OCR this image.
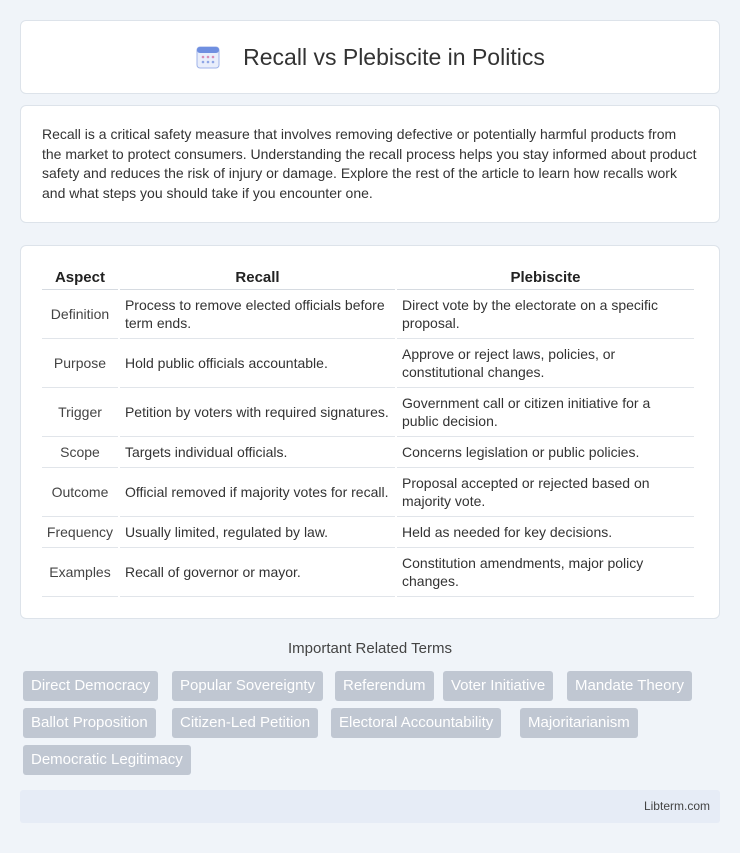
Recall vs Plebiscite in Politics

Recall is a critical safety measure that involves removing defective or potentially harmful products from the market to protect consumers. Understanding the recall process helps you stay informed about product safety and reduces the risk of injury or damage. Explore the rest of the article to learn how recalls work and what steps you should take if you encounter one.

Aspect	Recall	Plebiscite
Definition	Process to remove elected officials before term ends.	Direct vote by the electorate on a specific proposal.
Purpose	Hold public officials accountable.	Approve or reject laws, policies, or constitutional changes.
Trigger	Petition by voters with required signatures.	Government call or citizen initiative for a public decision.
Scope	Targets individual officials.	Concerns legislation or public policies.
Outcome	Official removed if majority votes for recall.	Proposal accepted or rejected based on majority vote.
Frequency	Usually limited, regulated by law.	Held as needed for key decisions.
Examples	Recall of governor or mayor.	Constitution amendments, major policy changes.
Important Related Terms
Direct Democracy	Popular Sovereignty	Referendum	Voter Initiative	Mandate Theory
Ballot Proposition	Citizen-Led Petition	Electoral Accountability	Majoritarianism
Democratic Legitimacy
Libterm.com
